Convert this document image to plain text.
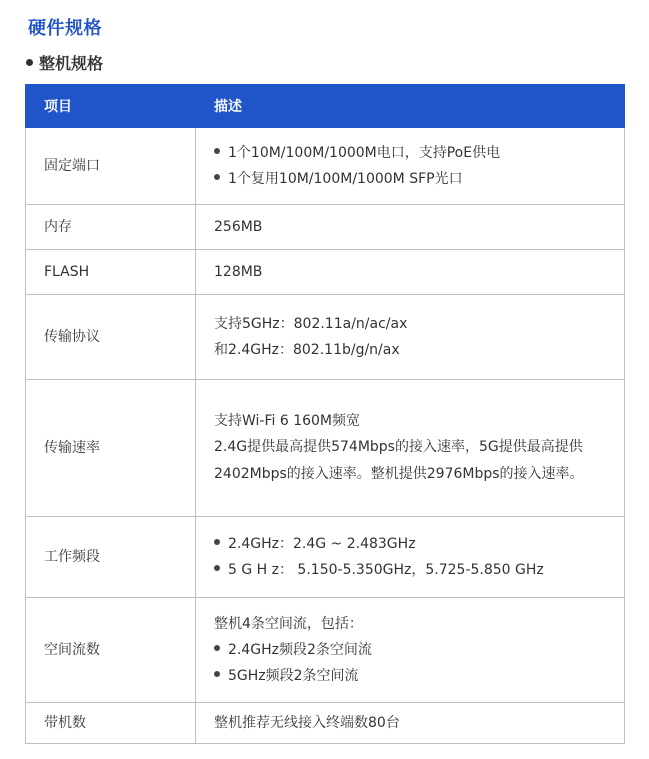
硬件规格
整机规格
项目	描述
固定端口	1个10M/100M/1000M电口，支持PoE供电
1个复用10M/100M/1000M SFP光口

内存	256MB

FLASH	128MB

传输协议	支持5GHz：802.11a/n/ac/ax
和2.4GHz：802.11b/g/n/ax

传输速率	支持Wi-Fi 6 160M频宽
2.4G提供最高提供574Mbps的接入速率，5G提供最高提供2402Mbps的接入速率。整机提供2976Mbps的接入速率。

工作频段	2.4GHz：2.4G ~ 2.483GHz
5 G H z： 5.150-5.350GHz，5.725-5.850 GHz

空间流数	整机4条空间流，包括：
2.4GHz频段2条空间流
5GHz频段2条空间流

带机数	整机推荐无线接入终端数80台
